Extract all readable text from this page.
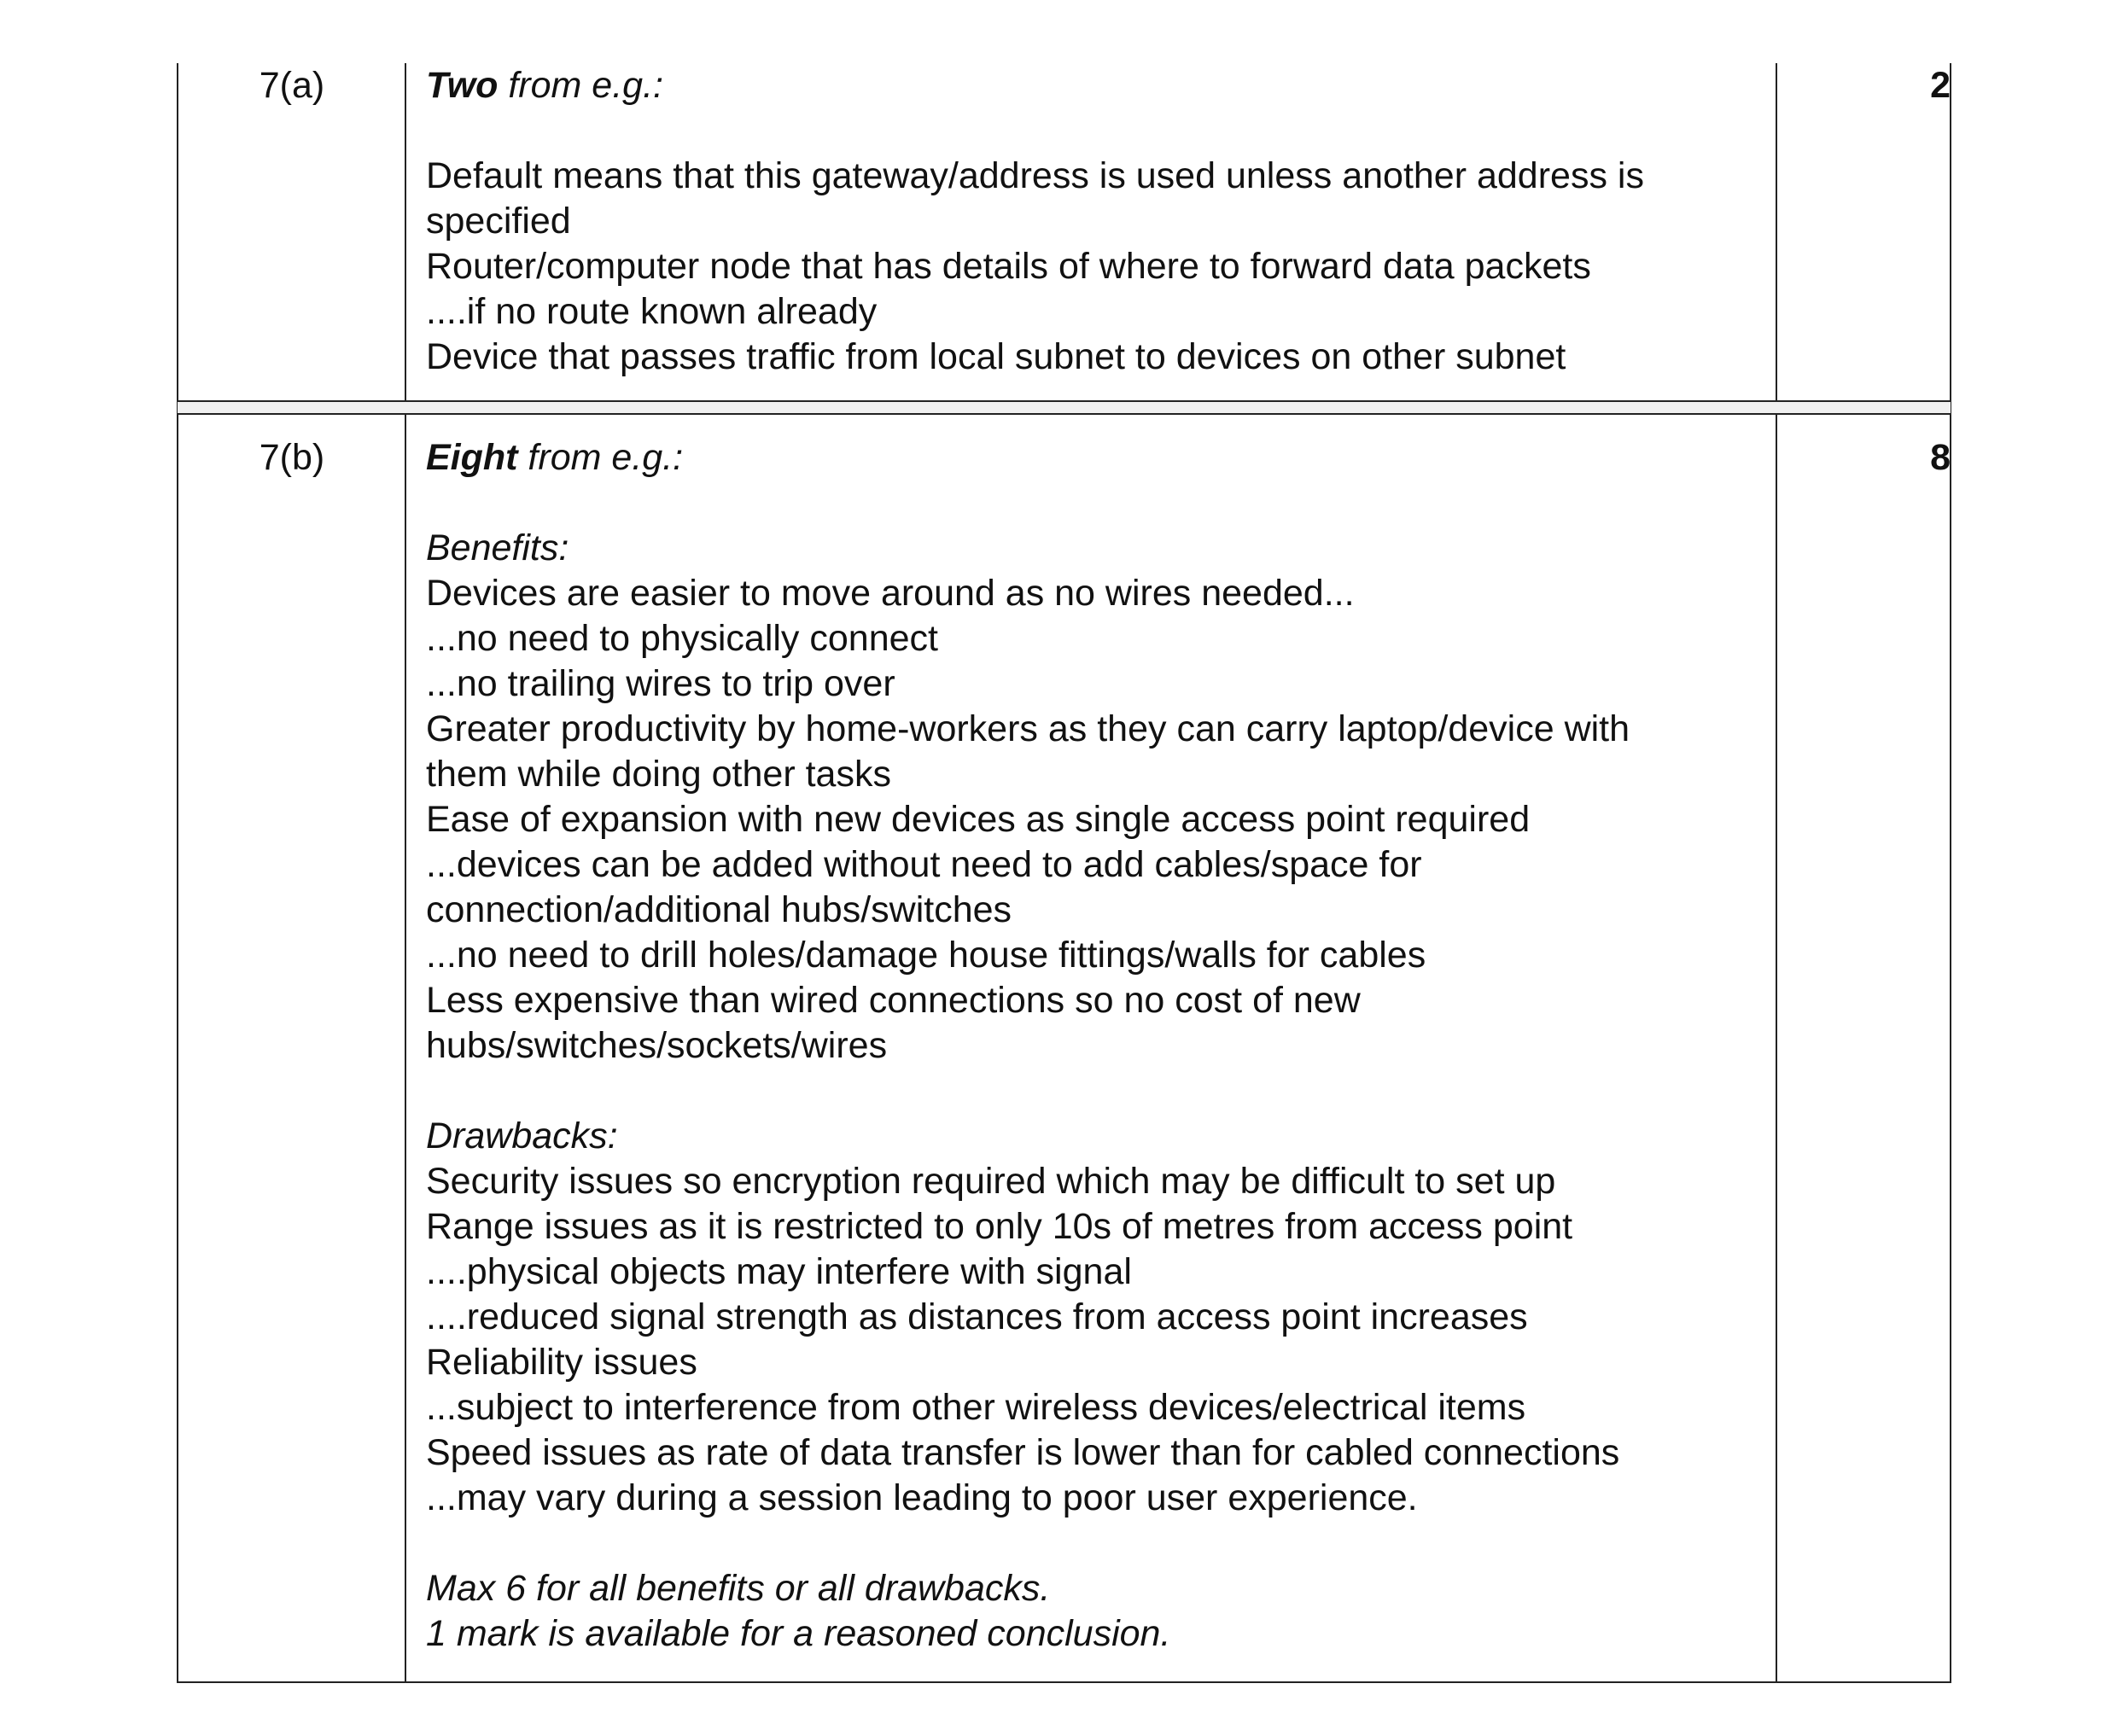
7(a)	2
Two from e.g.:
Default means that this gateway/address is used unless another address is
specified
Router/computer node that has details of where to forward data packets
....if no route known already
Device that passes traffic from local subnet to devices on other subnet
7(b)	8
Eight from e.g.:
Benefits:
Devices are easier to move around as no wires needed...
...no need to physically connect
...no trailing wires to trip over
Greater productivity by home-workers as they can carry laptop/device with
them while doing other tasks
Ease of expansion with new devices as single access point required
...devices can be added without need to add cables/space for
connection/additional hubs/switches
...no need to drill holes/damage house fittings/walls for cables
Less expensive than wired connections so no cost of new
hubs/switches/sockets/wires
Drawbacks:
Security issues so encryption required which may be difficult to set up
Range issues as it is restricted to only 10s of metres from access point
....physical objects may interfere with signal
....reduced signal strength as distances from access point increases
Reliability issues
...subject to interference from other wireless devices/electrical items
Speed issues as rate of data transfer is lower than for cabled connections
...may vary during a session leading to poor user experience.
Max 6 for all benefits or all drawbacks.
1 mark is available for a reasoned conclusion.
